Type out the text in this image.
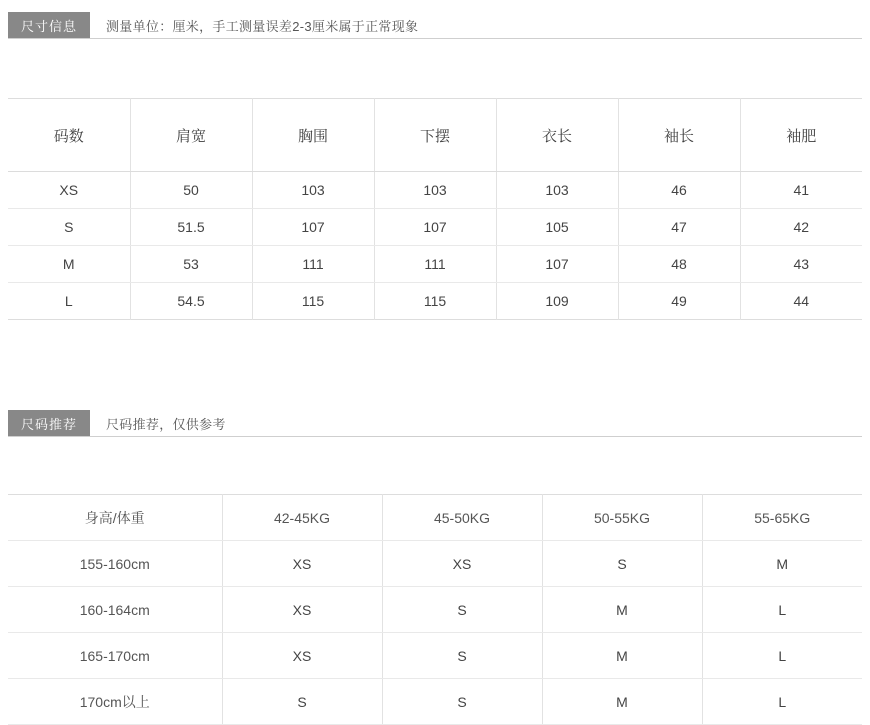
尺寸信息	测量单位：厘米，手工测量误差2-3厘米属于正常现象
码数	肩宽	胸围	下摆	衣长	袖长	袖肥
XS	50	103	103	103	46	41
S	51.5	107	107	105	47	42
M	53	111	111	107	48	43
L	54.5	115	115	109	49	44
尺码推荐	尺码推荐，仅供参考
身高/体重	42-45KG	45-50KG	50-55KG	55-65KG
155-160cm	XS	XS	S	M
160-164cm	XS	S	M	L
165-170cm	XS	S	M	L
170cm以上	S	S	M	L
